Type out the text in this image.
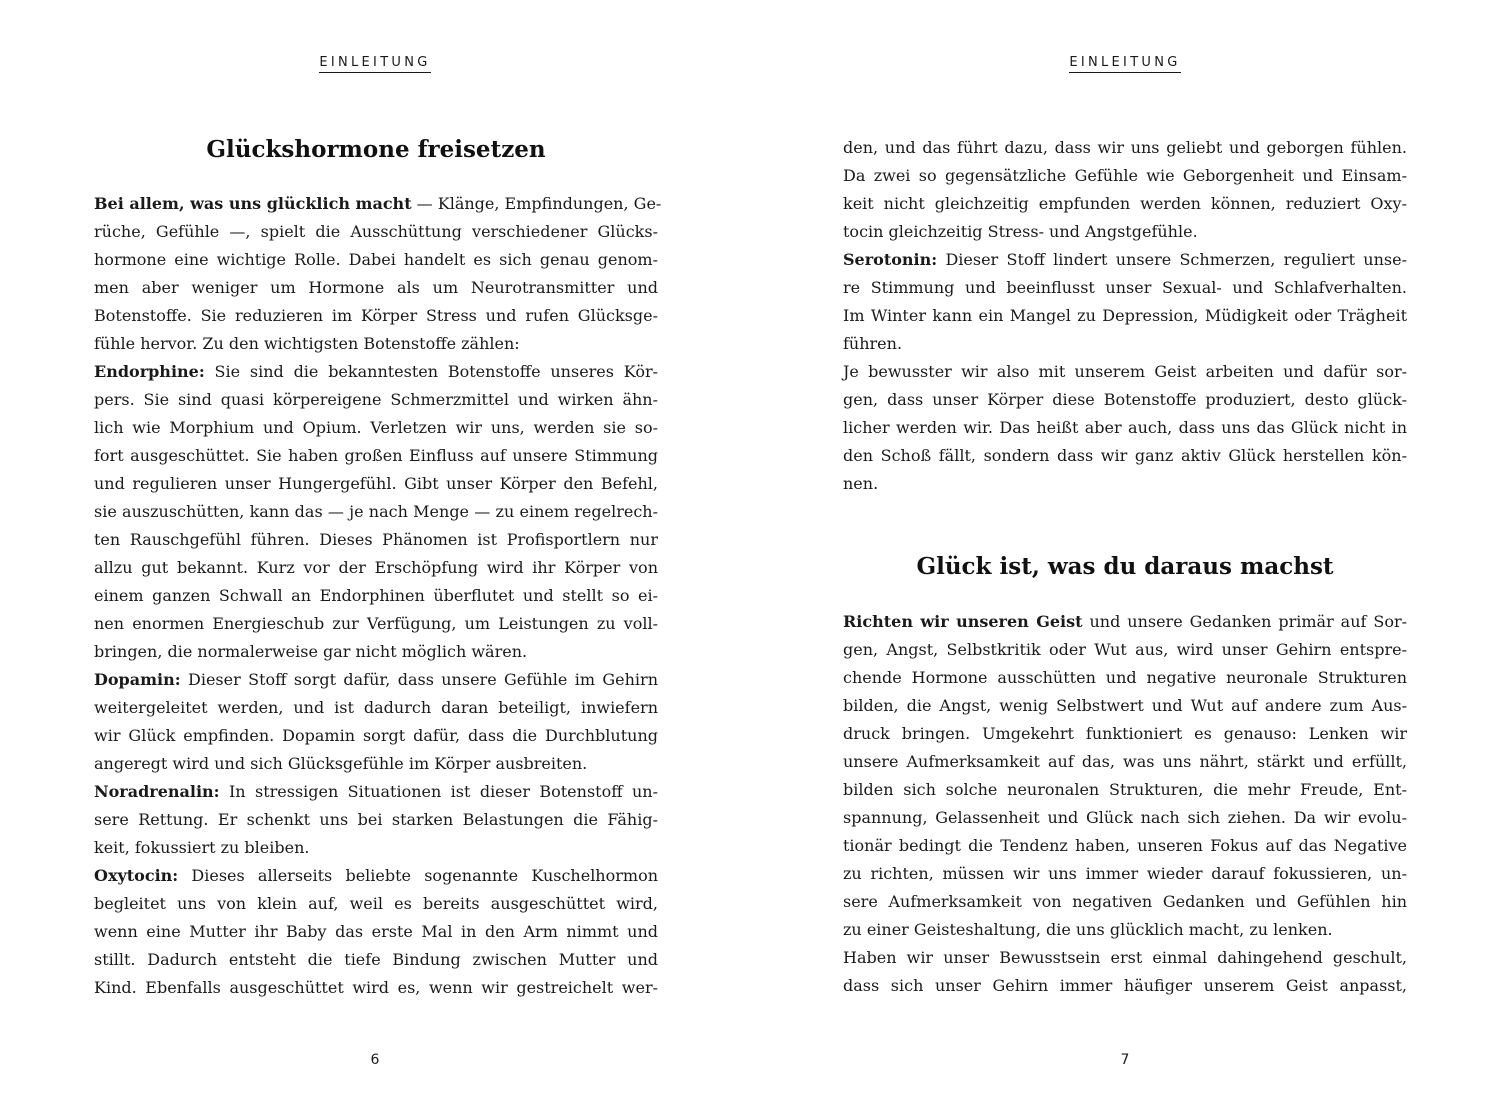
EINLEITUNG
Glückshormone freisetzen
Bei allem, was uns glücklich macht — Klänge, Empfindungen, Ge-
rüche, Gefühle —, spielt die Ausschüttung verschiedener Glücks-
hormone eine wichtige Rolle. Dabei handelt es sich genau genom-
men aber weniger um Hormone als um Neurotransmitter und
Botenstoffe. Sie reduzieren im Körper Stress und rufen Glücksge-
fühle hervor. Zu den wichtigsten Botenstoffe zählen:
Endorphine: Sie sind die bekanntesten Botenstoffe unseres Kör-
pers. Sie sind quasi körpereigene Schmerzmittel und wirken ähn-
lich wie Morphium und Opium. Verletzen wir uns, werden sie so-
fort ausgeschüttet. Sie haben großen Einfluss auf unsere Stimmung
und regulieren unser Hungergefühl. Gibt unser Körper den Befehl,
sie auszuschütten, kann das — je nach Menge — zu einem regelrech-
ten Rauschgefühl führen. Dieses Phänomen ist Profisportlern nur
allzu gut bekannt. Kurz vor der Erschöpfung wird ihr Körper von
einem ganzen Schwall an Endorphinen überflutet und stellt so ei-
nen enormen Energieschub zur Verfügung, um Leistungen zu voll-
bringen, die normalerweise gar nicht möglich wären.
Dopamin: Dieser Stoff sorgt dafür, dass unsere Gefühle im Gehirn
weitergeleitet werden, und ist dadurch daran beteiligt, inwiefern
wir Glück empfinden. Dopamin sorgt dafür, dass die Durchblutung
angeregt wird und sich Glücksgefühle im Körper ausbreiten.
Noradrenalin: In stressigen Situationen ist dieser Botenstoff un-
sere Rettung. Er schenkt uns bei starken Belastungen die Fähig-
keit, fokussiert zu bleiben.
Oxytocin: Dieses allerseits beliebte sogenannte Kuschelhormon
begleitet uns von klein auf, weil es bereits ausgeschüttet wird,
wenn eine Mutter ihr Baby das erste Mal in den Arm nimmt und
stillt. Dadurch entsteht die tiefe Bindung zwischen Mutter und
Kind. Ebenfalls ausgeschüttet wird es, wenn wir gestreichelt wer-
6
EINLEITUNG
den, und das führt dazu, dass wir uns geliebt und geborgen fühlen.
Da zwei so gegensätzliche Gefühle wie Geborgenheit und Einsam-
keit nicht gleichzeitig empfunden werden können, reduziert Oxy-
tocin gleichzeitig Stress- und Angstgefühle.
Serotonin: Dieser Stoff lindert unsere Schmerzen, reguliert unse-
re Stimmung und beeinflusst unser Sexual- und Schlafverhalten.
Im Winter kann ein Mangel zu Depression, Müdigkeit oder Trägheit
führen.
Je bewusster wir also mit unserem Geist arbeiten und dafür sor-
gen, dass unser Körper diese Botenstoffe produziert, desto glück-
licher werden wir. Das heißt aber auch, dass uns das Glück nicht in
den Schoß fällt, sondern dass wir ganz aktiv Glück herstellen kön-
nen.
Glück ist, was du daraus machst
Richten wir unseren Geist und unsere Gedanken primär auf Sor-
gen, Angst, Selbstkritik oder Wut aus, wird unser Gehirn entspre-
chende Hormone ausschütten und negative neuronale Strukturen
bilden, die Angst, wenig Selbstwert und Wut auf andere zum Aus-
druck bringen. Umgekehrt funktioniert es genauso: Lenken wir
unsere Aufmerksamkeit auf das, was uns nährt, stärkt und erfüllt,
bilden sich solche neuronalen Strukturen, die mehr Freude, Ent-
spannung, Gelassenheit und Glück nach sich ziehen. Da wir evolu-
tionär bedingt die Tendenz haben, unseren Fokus auf das Negative
zu richten, müssen wir uns immer wieder darauf fokussieren, un-
sere Aufmerksamkeit von negativen Gedanken und Gefühlen hin
zu einer Geisteshaltung, die uns glücklich macht, zu lenken.
Haben wir unser Bewusstsein erst einmal dahingehend geschult,
dass sich unser Gehirn immer häufiger unserem Geist anpasst,
7
